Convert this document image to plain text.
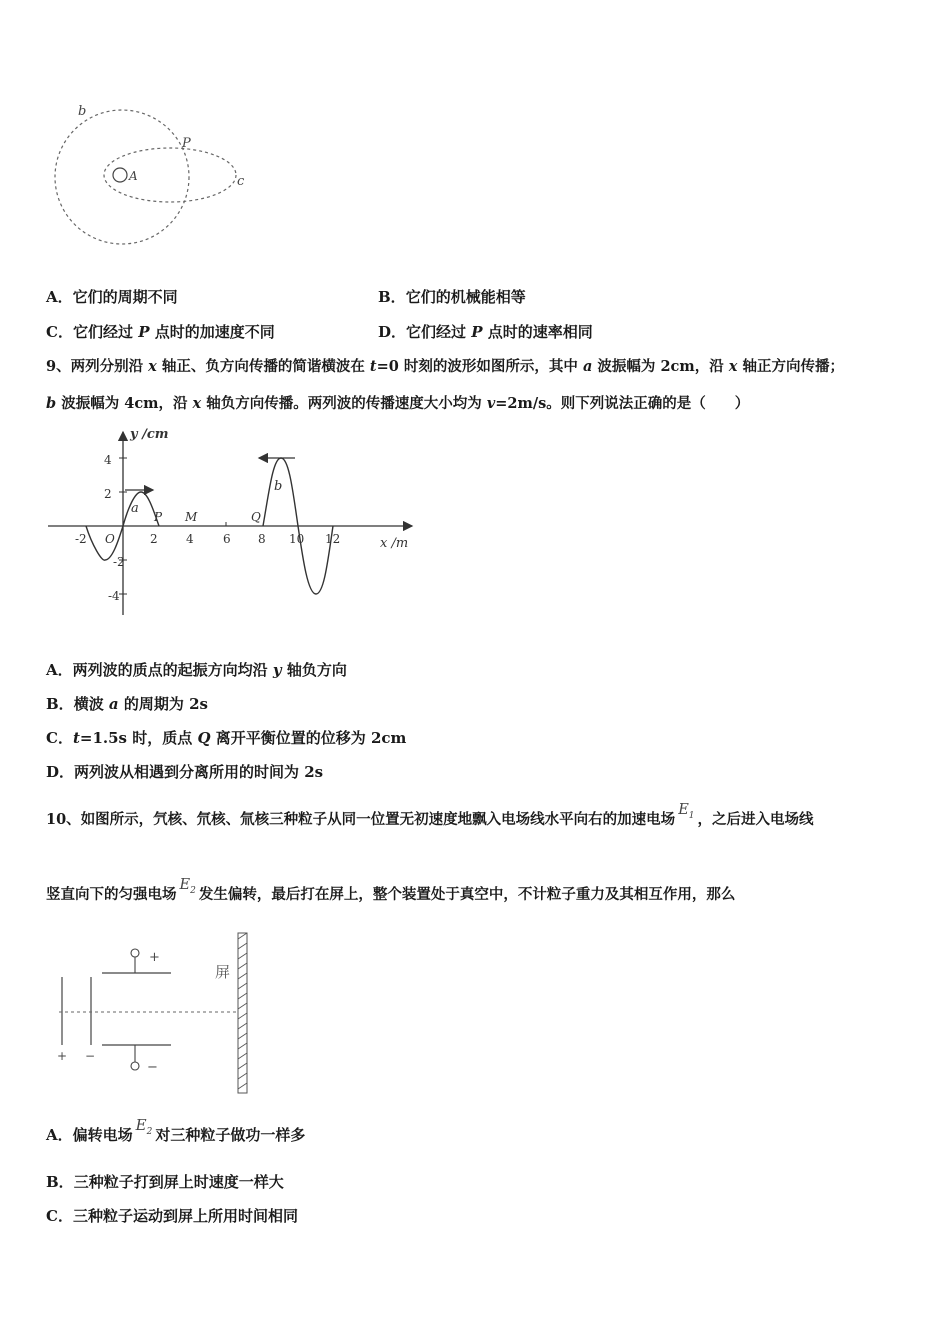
b
P
A	c
A．它们的周期不同	B．它们的机械能相等
C．它们经过 P 点时的加速度不同	D．它们经过 P 点时的速率相同
9、两列分别沿 x 轴正、负方向传播的简谐横波在 t=0 时刻的波形如图所示，其中 a 波振幅为 2cm，沿 x 轴正方向传播；
b 波振幅为 4cm，沿 x 轴负方向传播。两列波的传播速度大小均为 v=2m/s。则下列说法正确的是（　　）
y /cm
x /m
4
2
-2
-4
-2 O	2 4 6 8 10 12
a
P M	Q
b
A．两列波的质点的起振方向均沿 y 轴负方向
B．横波 a 的周期为 2s
C．t=1.5s 时，质点 Q 离开平衡位置的位移为 2cm
D．两列波从相遇到分离所用的时间为 2s
10、如图所示，氕核、氘核、氚核三种粒子从同一位置无初速度地飘入电场线水平向右的加速电场$E_1$ ，之后进入电场线
竖直向下的匀强电场$E_2$ 发生偏转，最后打在屏上，整个装置处于真空中，不计粒子重力及其相互作用，那么
+ −
+
−
屏
A．偏转电场$E_2$ 对三种粒子做功一样多
B．三种粒子打到屏上时速度一样大
C．三种粒子运动到屏上所用时间相同
